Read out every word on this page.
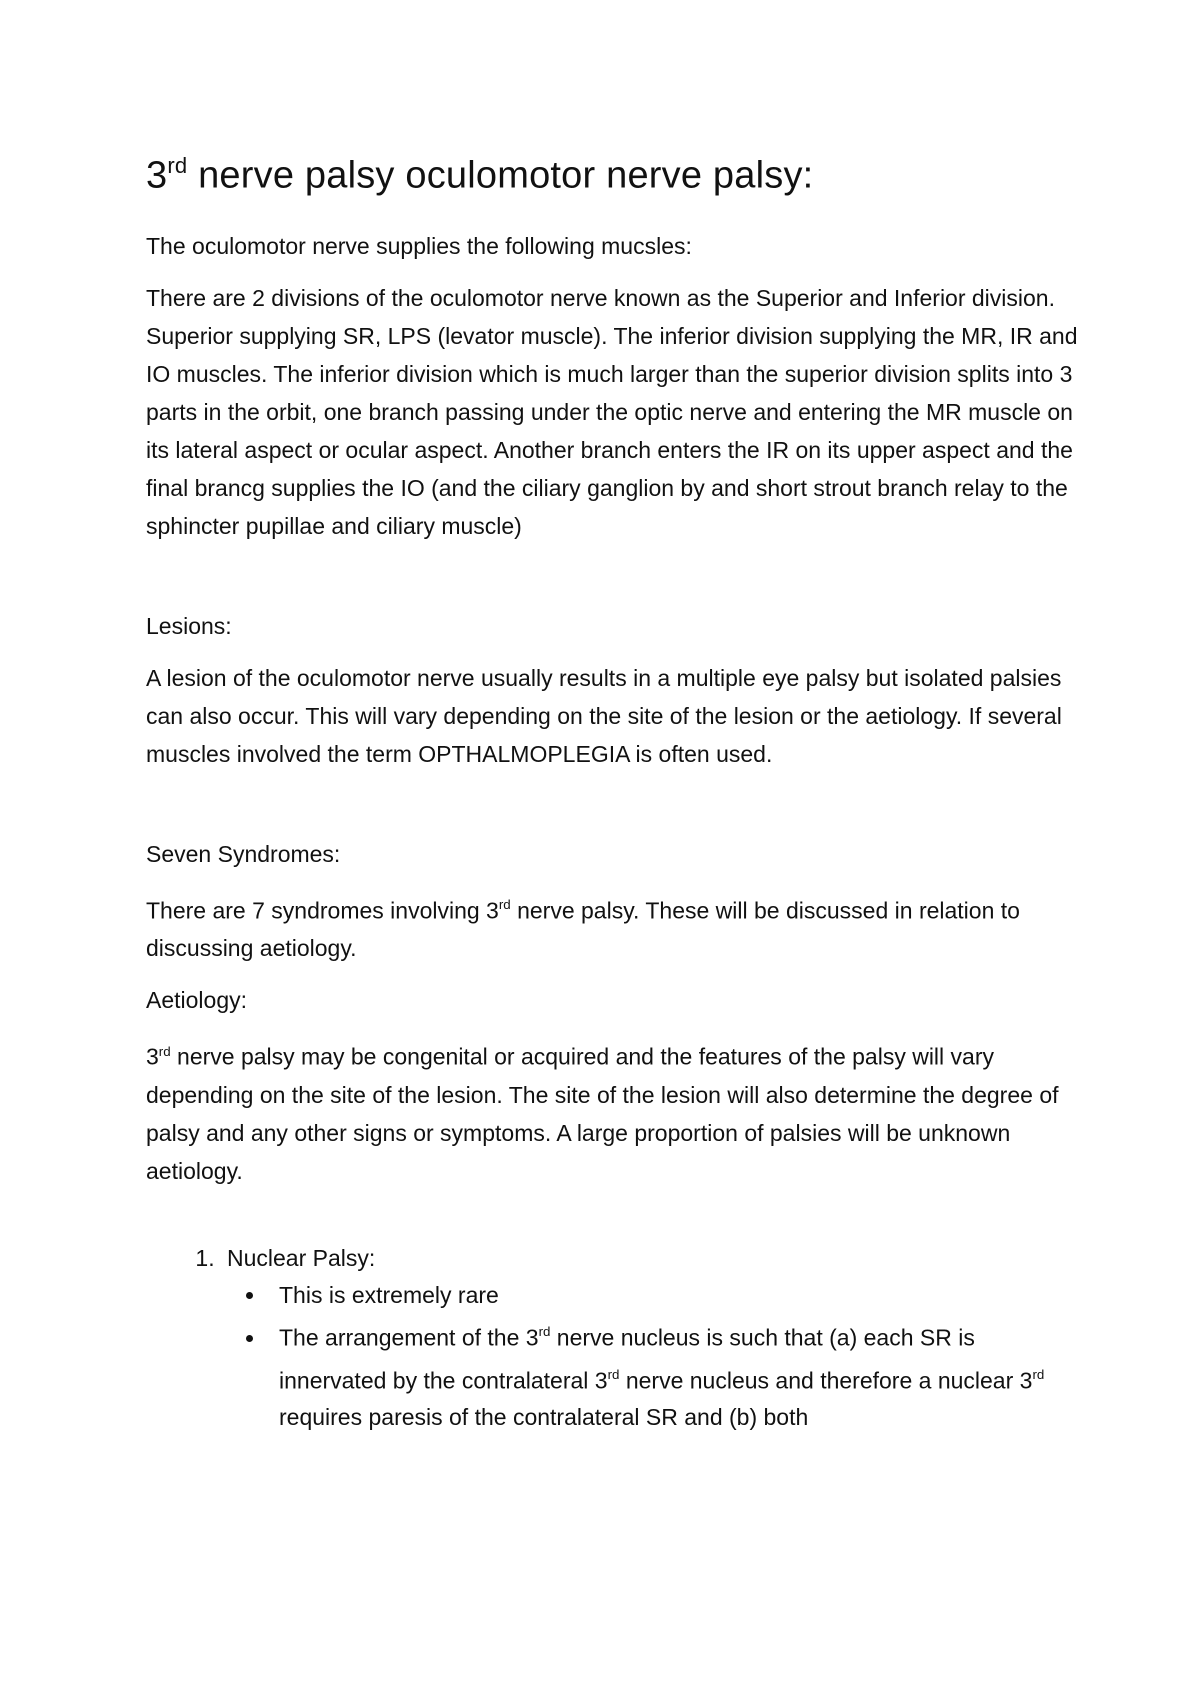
3rd nerve palsy oculomotor nerve palsy:

The oculomotor nerve supplies the following mucsles:

There are 2 divisions of the oculomotor nerve known as the Superior and Inferior division. Superior supplying SR, LPS (levator muscle). The inferior division supplying the MR, IR and IO muscles. The inferior division which is much larger than the superior division splits into 3 parts in the orbit, one branch passing under the optic nerve and entering the MR muscle on its lateral aspect or ocular aspect. Another branch enters the IR on its upper aspect and the final brancg supplies the IO (and the ciliary ganglion by and short strout branch relay to the sphincter pupillae and ciliary muscle)

Lesions:

A lesion of the oculomotor nerve usually results in a multiple eye palsy but isolated palsies can also occur. This will vary depending on the site of the lesion or the aetiology. If several muscles involved the term OPTHALMOPLEGIA is often used.

Seven Syndromes:

There are 7 syndromes involving 3rd nerve palsy. These will be discussed in relation to discussing aetiology.

Aetiology:

3rd nerve palsy may be congenital or acquired and the features of the palsy will vary depending on the site of the lesion. The site of the lesion will also determine the degree of palsy and any other signs or symptoms. A large proportion of palsies will be unknown aetiology.

1. Nuclear Palsy:
• This is extremely rare
• The arrangement of the 3rd nerve nucleus is such that (a) each SR is innervated by the contralateral 3rd nerve nucleus and therefore a nuclear 3rd requires paresis of the contralateral SR and (b) both
